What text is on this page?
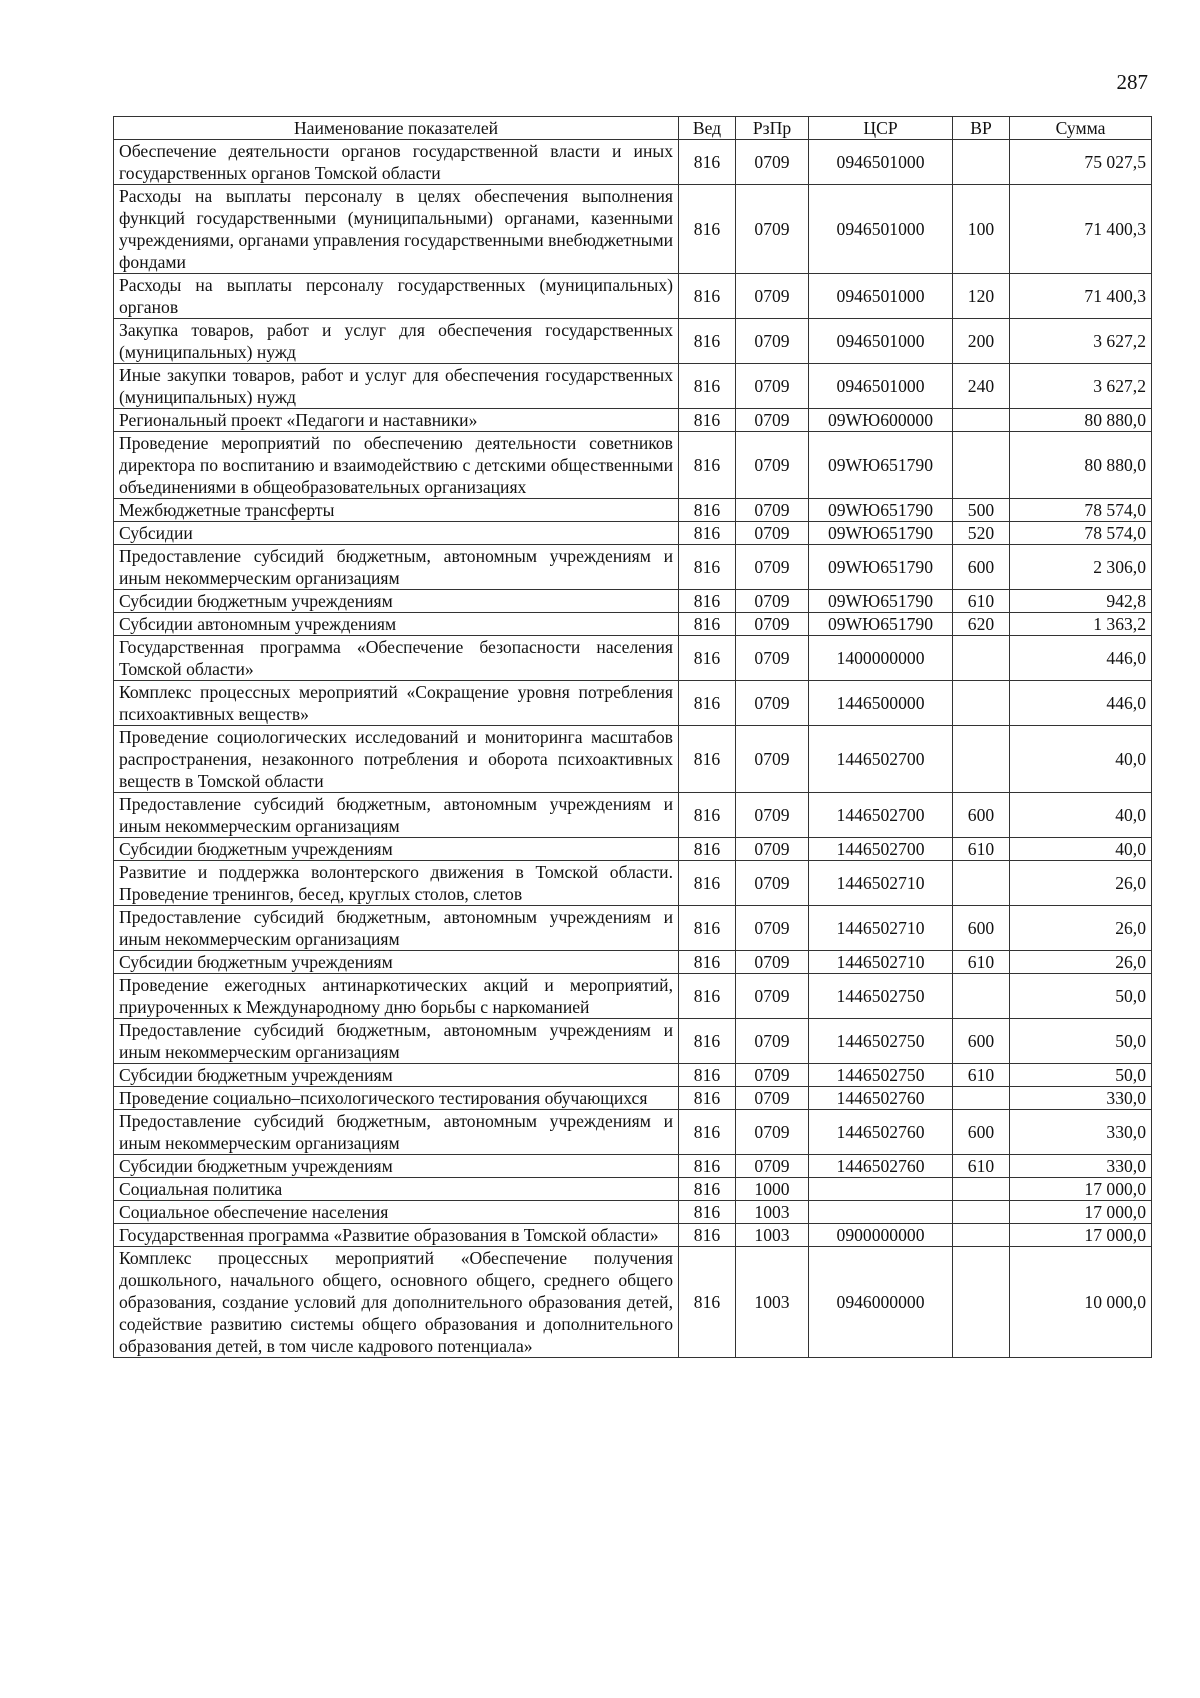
287
Наименование показателей	Вед	РзПр	ЦСР	ВР	Сумма
Обеспечение деятельности органов государственной власти и иных государственных органов Томской области	816	0709	0946501000		75 027,5
Расходы на выплаты персоналу в целях обеспечения выполнения функций государственными (муниципальными) органами, казенными учреждениями, органами управления государственными внебюджетными фондами	816	0709	0946501000	100	71 400,3
Расходы на выплаты персоналу государственных (муниципальных) органов	816	0709	0946501000	120	71 400,3
Закупка товаров, работ и услуг для обеспечения государственных (муниципальных) нужд	816	0709	0946501000	200	3 627,2
Иные закупки товаров, работ и услуг для обеспечения государственных (муниципальных) нужд	816	0709	0946501000	240	3 627,2
Региональный проект «Педагоги и наставники»	816	0709	09WЮ600000		80 880,0
Проведение мероприятий по обеспечению деятельности советников директора по воспитанию и взаимодействию с детскими общественными объединениями в общеобразовательных организациях	816	0709	09WЮ651790		80 880,0
Межбюджетные трансферты	816	0709	09WЮ651790	500	78 574,0
Субсидии	816	0709	09WЮ651790	520	78 574,0
Предоставление субсидий бюджетным, автономным учреждениям и иным некоммерческим организациям	816	0709	09WЮ651790	600	2 306,0
Субсидии бюджетным учреждениям	816	0709	09WЮ651790	610	942,8
Субсидии автономным учреждениям	816	0709	09WЮ651790	620	1 363,2
Государственная программа «Обеспечение безопасности населения Томской области»	816	0709	1400000000		446,0
Комплекс процессных мероприятий «Сокращение уровня потребления психоактивных веществ»	816	0709	1446500000		446,0
Проведение социологических исследований и мониторинга масштабов распространения, незаконного потребления и оборота психоактивных веществ в Томской области	816	0709	1446502700		40,0
Предоставление субсидий бюджетным, автономным учреждениям и иным некоммерческим организациям	816	0709	1446502700	600	40,0
Субсидии бюджетным учреждениям	816	0709	1446502700	610	40,0
Развитие и поддержка волонтерского движения в Томской области. Проведение тренингов, бесед, круглых столов, слетов	816	0709	1446502710		26,0
Предоставление субсидий бюджетным, автономным учреждениям и иным некоммерческим организациям	816	0709	1446502710	600	26,0
Субсидии бюджетным учреждениям	816	0709	1446502710	610	26,0
Проведение ежегодных антинаркотических акций и мероприятий, приуроченных к Международному дню борьбы с наркоманией	816	0709	1446502750		50,0
Предоставление субсидий бюджетным, автономным учреждениям и иным некоммерческим организациям	816	0709	1446502750	600	50,0
Субсидии бюджетным учреждениям	816	0709	1446502750	610	50,0
Проведение социально–психологического тестирования обучающихся	816	0709	1446502760		330,0
Предоставление субсидий бюджетным, автономным учреждениям и иным некоммерческим организациям	816	0709	1446502760	600	330,0
Субсидии бюджетным учреждениям	816	0709	1446502760	610	330,0
Социальная политика	816	1000			17 000,0
Социальное обеспечение населения	816	1003			17 000,0
Государственная программа «Развитие образования в Томской области»	816	1003	0900000000		17 000,0
Комплекс процессных мероприятий «Обеспечение получения дошкольного, начального общего, основного общего, среднего общего образования, создание условий для дополнительного образования детей, содействие развитию системы общего образования и дополнительного образования детей, в том числе кадрового потенциала»	816	1003	0946000000		10 000,0
